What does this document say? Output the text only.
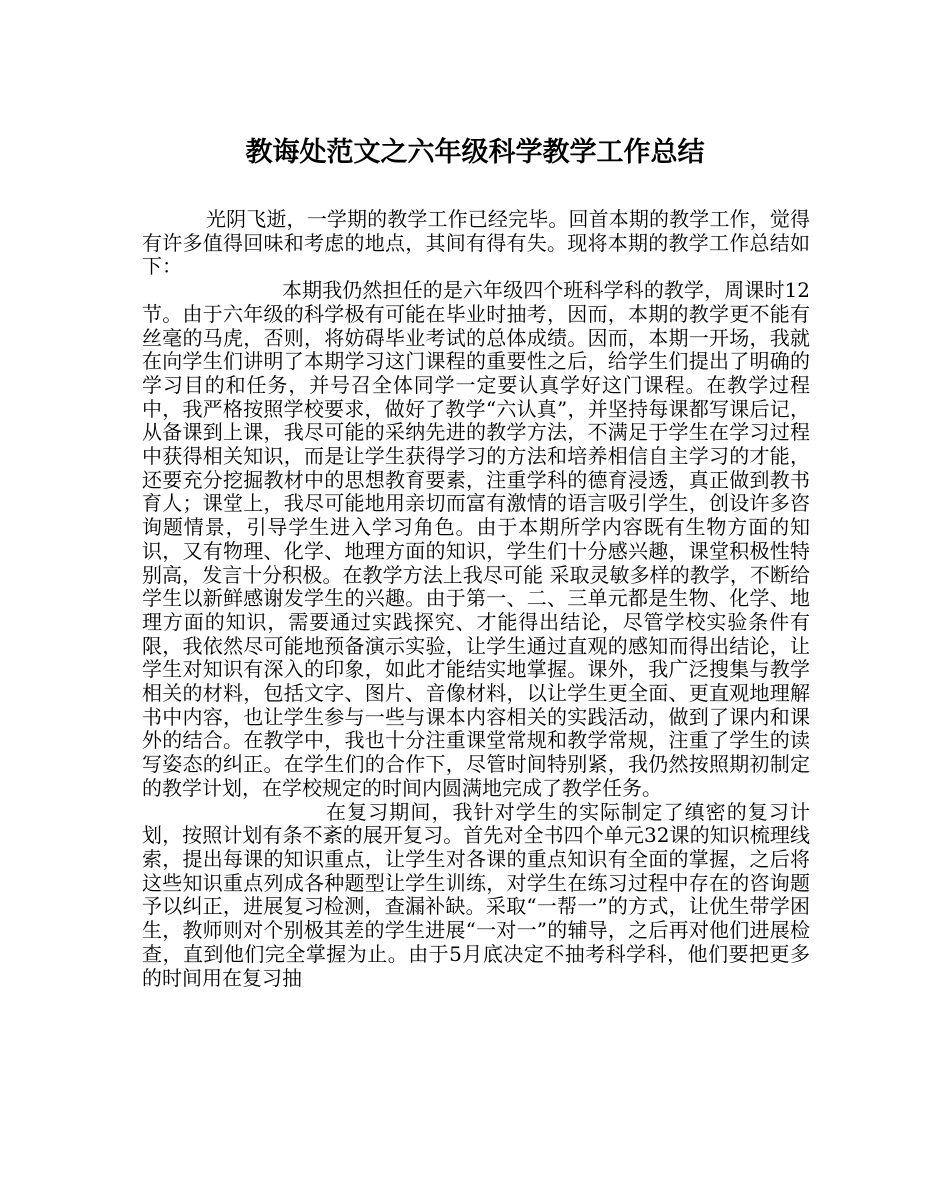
教诲处范文之六年级科学教学工作总结

光阴飞逝，一学期的教学工作已经完毕。回首本期的教学工作，觉得有许多值得回味和考虑的地点，其间有得有失。现将本期的教学工作总结如下：

本期我仍然担任的是六年级四个班科学科的教学，周课时12节。由于六年级的科学极有可能在毕业时抽考，因而，本期的教学更不能有丝毫的马虎，否则，将妨碍毕业考试的总体成绩。因而，本期一开场，我就在向学生们讲明了本期学习这门课程的重要性之后，给学生们提出了明确的学习目的和任务，并号召全体同学一定要认真学好这门课程。在教学过程中，我严格按照学校要求，做好了教学“六认真”，并坚持每课都写课后记，从备课到上课，我尽可能的采纳先进的教学方法，不满足于学生在学习过程中获得相关知识，而是让学生获得学习的方法和培养相信自主学习的才能，还要充分挖掘教材中的思想教育要素，注重学科的德育浸透，真正做到教书育人；课堂上，我尽可能地用亲切而富有激情的语言吸引学生，创设许多咨询题情景，引导学生进入学习角色。由于本期所学内容既有生物方面的知识，又有物理、化学、地理方面的知识，学生们十分感兴趣，课堂积极性特别高，发言十分积极。在教学方法上我尽可能 采取灵敏多样的教学，不断给学生以新鲜感谢发学生的兴趣。由于第一、二、三单元都是生物、化学、地理方面的知识，需要通过实践探究、才能得出结论，尽管学校实验条件有限，我依然尽可能地预备演示实验，让学生通过直观的感知而得出结论，让学生对知识有深入的印象，如此才能结实地掌握。课外，我广泛搜集与教学相关的材料，包括文字、图片、音像材料，以让学生更全面、更直观地理解书中内容，也让学生参与一些与课本内容相关的实践活动，做到了课内和课外的结合。在教学中，我也十分注重课堂常规和教学常规，注重了学生的读写姿态的纠正。在学生们的合作下，尽管时间特别紧，我仍然按照期初制定的教学计划，在学校规定的时间内圆满地完成了教学任务。

在复习期间，我针对学生的实际制定了缜密的复习计划，按照计划有条不紊的展开复习。首先对全书四个单元32课的知识梳理线索，提出每课的知识重点，让学生对各课的重点知识有全面的掌握，之后将这些知识重点列成各种题型让学生训练，对学生在练习过程中存在的咨询题予以纠正，进展复习检测，查漏补缺。采取“一帮一”的方式，让优生带学困生，教师则对个别极其差的学生进展“一对一”的辅导，之后再对他们进展检查，直到他们完全掌握为止。由于5月底决定不抽考科学科，他们要把更多的时间用在复习抽
